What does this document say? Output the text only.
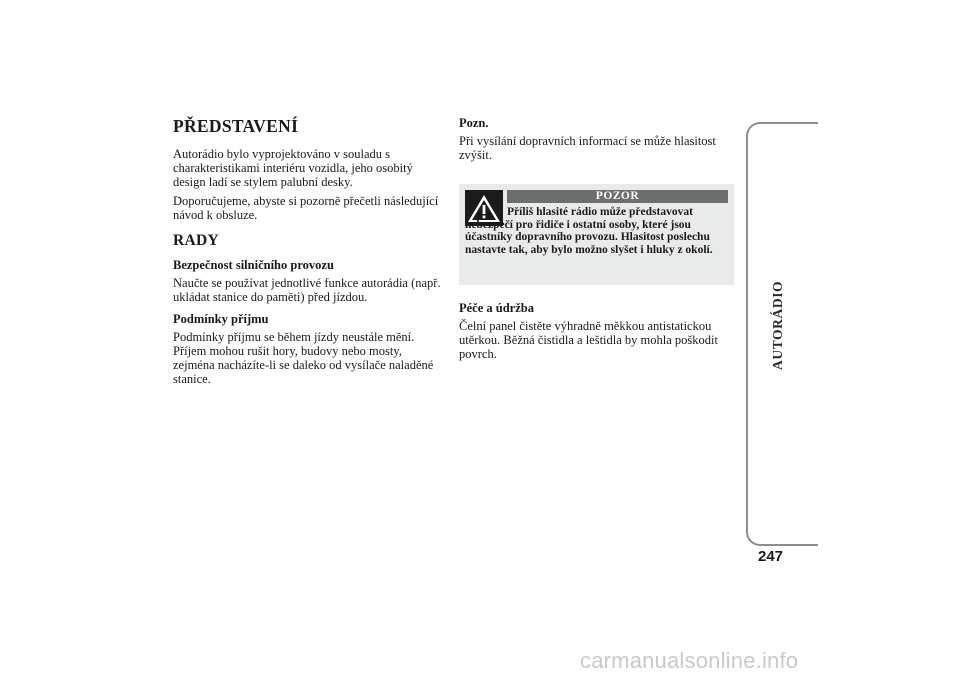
PŘEDSTAVENÍ

Autorádio bylo vyprojektováno v souladu s charakteristikami interiéru vozidla, jeho osobitý design ladí se stylem palubní desky.

Doporučujeme, abyste si pozorně přečetli následující návod k obsluze.

RADY
Bezpečnost silničního provozu

Naučte se používat jednotlivé funkce autorádia (např. ukládat stanice do paměti) před jízdou.

Podmínky příjmu

Podmínky příjmu se během jízdy neustále mění. Příjem mohou rušit hory, budovy nebo mosty, zejména nacházíte-li se daleko od vysílače naladěné stanice.

Pozn.

Při vysílání dopravních informací se může hlasitost zvýšit.

POZOR
Příliš hlasité rádio může představovat nebezpečí pro řidiče i ostatní osoby, které jsou účastníky dopravního provozu. Hlasitost poslechu nastavte tak, aby bylo možno slyšet i hluky z okolí.
Péče a údržba

Čelní panel čistěte výhradně měkkou antistatickou utěrkou. Běžná čistidla a leštidla by mohla poškodit povrch.	AUTORÁDIO
247
carmanualsonline.info
